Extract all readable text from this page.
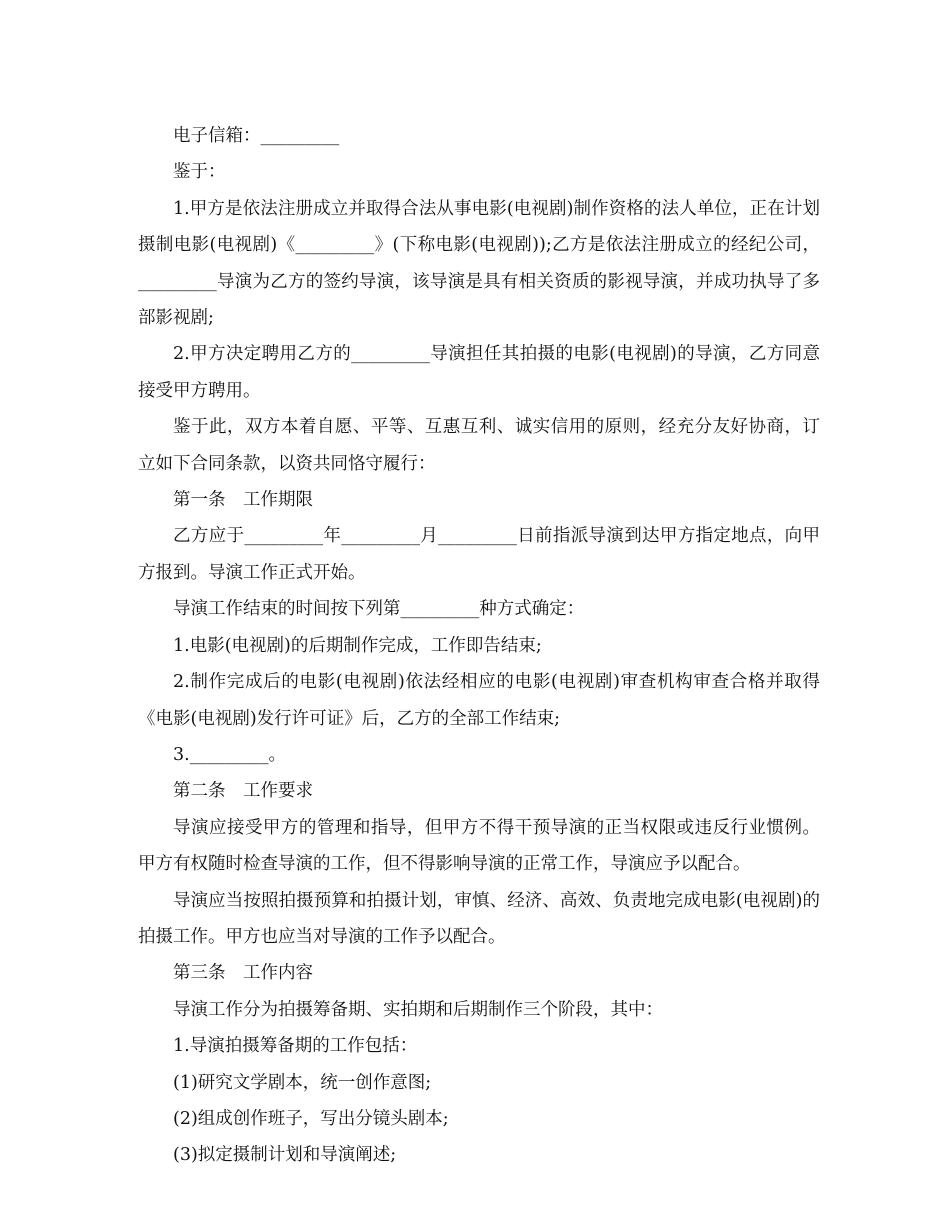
电子信箱：_________

鉴于：

1.甲方是依法注册成立并取得合法从事电影(电视剧)制作资格的法人单位，正在计划摄制电影(电视剧)《_________》(下称电影(电视剧));乙方是依法注册成立的经纪公司，_________导演为乙方的签约导演，该导演是具有相关资质的影视导演，并成功执导了多部影视剧;

2.甲方决定聘用乙方的_________导演担任其拍摄的电影(电视剧)的导演，乙方同意接受甲方聘用。

鉴于此，双方本着自愿、平等、互惠互利、诚实信用的原则，经充分友好协商，订立如下合同条款，以资共同恪守履行：

第一条　工作期限

乙方应于_________年_________月_________日前指派导演到达甲方指定地点，向甲方报到。导演工作正式开始。

导演工作结束的时间按下列第_________种方式确定：

1.电影(电视剧)的后期制作完成，工作即告结束;

2.制作完成后的电影(电视剧)依法经相应的电影(电视剧)审查机构审查合格并取得《电影(电视剧)发行许可证》后，乙方的全部工作结束;

3._________。

第二条　工作要求

导演应接受甲方的管理和指导，但甲方不得干预导演的正当权限或违反行业惯例。甲方有权随时检查导演的工作，但不得影响导演的正常工作，导演应予以配合。

导演应当按照拍摄预算和拍摄计划，审慎、经济、高效、负责地完成电影(电视剧)的拍摄工作。甲方也应当对导演的工作予以配合。

第三条　工作内容

导演工作分为拍摄筹备期、实拍期和后期制作三个阶段，其中：

1.导演拍摄筹备期的工作包括：

(1)研究文学剧本，统一创作意图;

(2)组成创作班子，写出分镜头剧本;

(3)拟定摄制计划和导演阐述;
